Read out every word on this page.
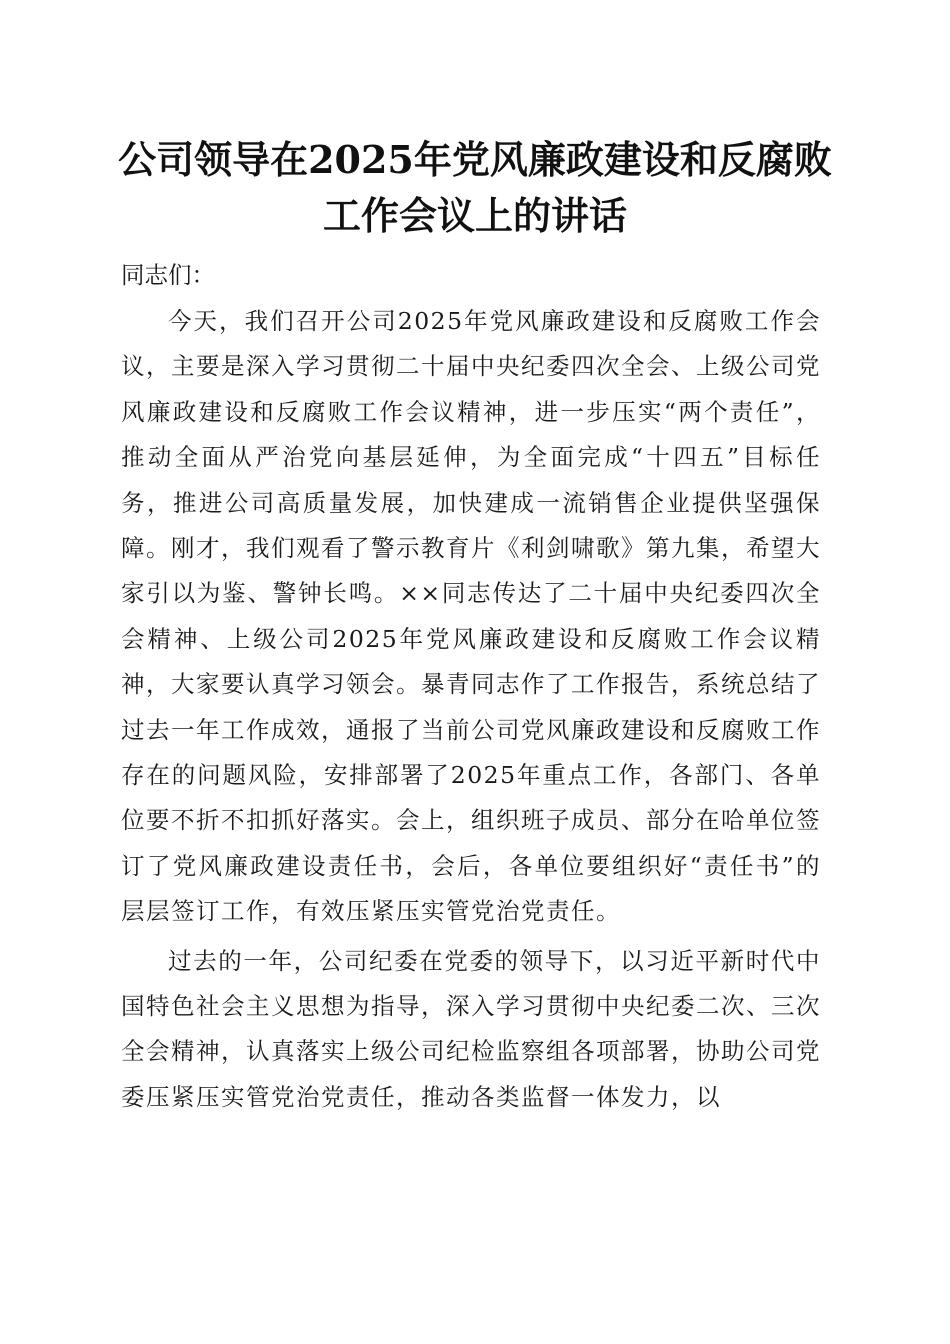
公司领导在2025年党风廉政建设和反腐败工作会议上的讲话

同志们：

今天，我们召开公司2025年党风廉政建设和反腐败工作会议，主要是深入学习贯彻二十届中央纪委四次全会、上级公司党风廉政建设和反腐败工作会议精神，进一步压实“两个责任”，推动全面从严治党向基层延伸，为全面完成“十四五”目标任务，推进公司高质量发展，加快建成一流销售企业提供坚强保障。刚才，我们观看了警示教育片《利剑啸歌》第九集，希望大家引以为鉴、警钟长鸣。××同志传达了二十届中央纪委四次全会精神、上级公司2025年党风廉政建设和反腐败工作会议精神，大家要认真学习领会。暴青同志作了工作报告，系统总结了过去一年工作成效，通报了当前公司党风廉政建设和反腐败工作存在的问题风险，安排部署了2025年重点工作，各部门、各单位要不折不扣抓好落实。会上，组织班子成员、部分在哈单位签订了党风廉政建设责任书，会后，各单位要组织好“责任书”的层层签订工作，有效压紧压实管党治党责任。

过去的一年，公司纪委在党委的领导下，以习近平新时代中国特色社会主义思想为指导，深入学习贯彻中央纪委二次、三次全会精神，认真落实上级公司纪检监察组各项部署，协助公司党委压紧压实管党治党责任，推动各类监督一体发力，以
